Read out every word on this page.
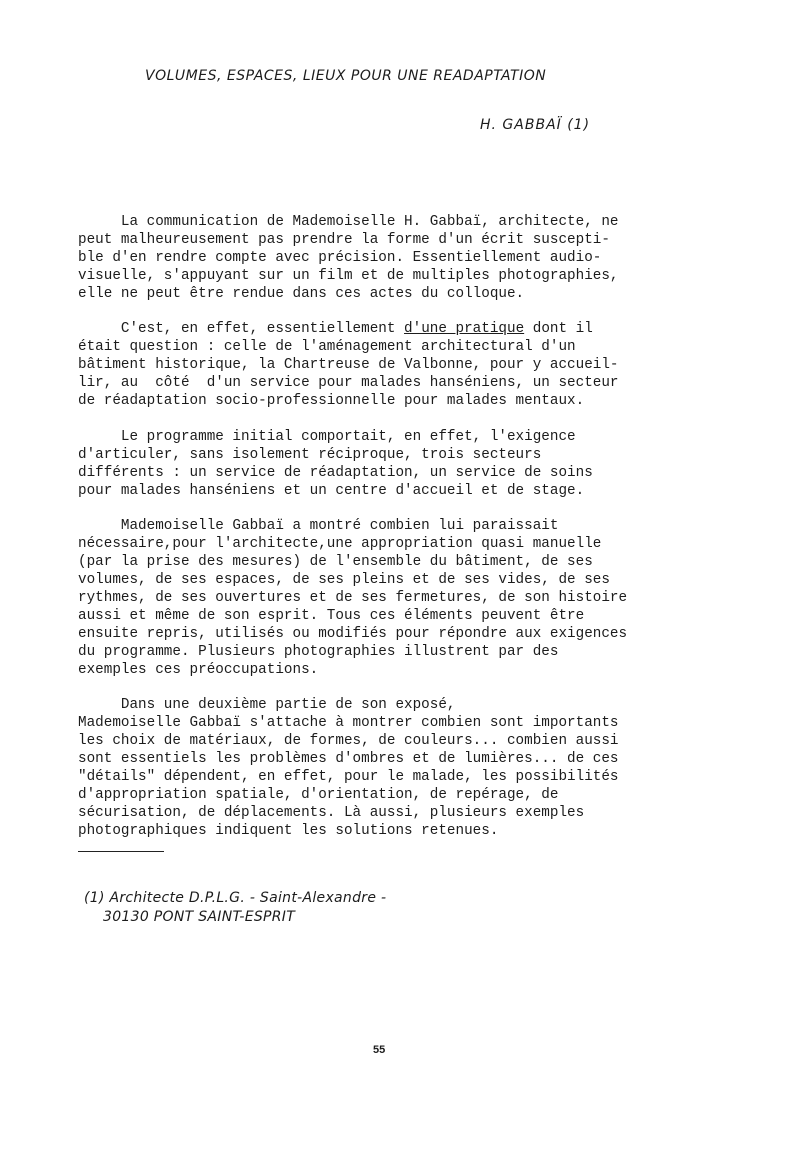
VOLUMES, ESPACES, LIEUX POUR UNE READAPTATION
H. GABBAÏ (1)

La communication de Mademoiselle H. Gabbaï, architecte, ne
peut malheureusement pas prendre la forme d'un écrit suscepti-
ble d'en rendre compte avec précision. Essentiellement audio-
visuelle, s'appuyant sur un film et de multiples photographies,
elle ne peut être rendue dans ces actes du colloque.

C'est, en effet, essentiellement d'une pratique dont il
était question : celle de l'aménagement architectural d'un
bâtiment historique, la Chartreuse de Valbonne, pour y accueil-
lir, au  côté  d'un service pour malades hanséniens, un secteur
de réadaptation socio-professionnelle pour malades mentaux.

Le programme initial comportait, en effet, l'exigence
d'articuler, sans isolement réciproque, trois secteurs
différents : un service de réadaptation, un service de soins
pour malades hanséniens et un centre d'accueil et de stage.

Mademoiselle Gabbaï a montré combien lui paraissait
nécessaire,pour l'architecte,une appropriation quasi manuelle
(par la prise des mesures) de l'ensemble du bâtiment, de ses
volumes, de ses espaces, de ses pleins et de ses vides, de ses
rythmes, de ses ouvertures et de ses fermetures, de son histoire
aussi et même de son esprit. Tous ces éléments peuvent être
ensuite repris, utilisés ou modifiés pour répondre aux exigences
du programme. Plusieurs photographies illustrent par des
exemples ces préoccupations.

Dans une deuxième partie de son exposé,
Mademoiselle Gabbaï s'attache à montrer combien sont importants
les choix de matériaux, de formes, de couleurs... combien aussi
sont essentiels les problèmes d'ombres et de lumières... de ces
"détails" dépendent, en effet, pour le malade, les possibilités
d'appropriation spatiale, d'orientation, de repérage, de
sécurisation, de déplacements. Là aussi, plusieurs exemples
photographiques indiquent les solutions retenues.

(1) Architecte D.P.L.G. - Saint-Alexandre -
30130 PONT SAINT-ESPRIT
55
